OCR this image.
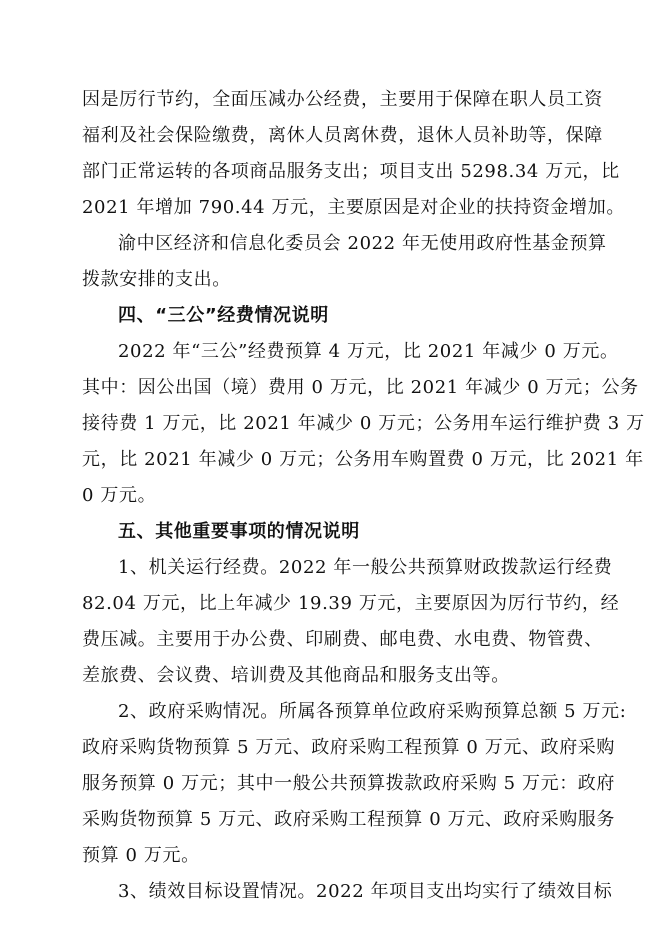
因是厉行节约，全面压减办公经费，主要用于保障在职人员工资
福利及社会保险缴费，离休人员离休费，退休人员补助等，保障
部门正常运转的各项商品服务支出；项目支出 5298.34 万元，比
2021 年增加 790.44 万元，主要原因是对企业的扶持资金增加。
渝中区经济和信息化委员会 2022 年无使用政府性基金预算
拨款安排的支出。
四、“三公”经费情况说明
2022 年“三公”经费预算 4 万元，比 2021 年减少 0 万元。
其中：因公出国（境）费用 0 万元，比 2021 年减少 0 万元；公务
接待费 1 万元，比 2021 年减少 0 万元；公务用车运行维护费 3 万
元，比 2021 年减少 0 万元；公务用车购置费 0 万元，比 2021 年
0 万元。
五、其他重要事项的情况说明
1、机关运行经费。2022 年一般公共预算财政拨款运行经费
82.04 万元，比上年减少 19.39 万元，主要原因为厉行节约，经
费压减。主要用于办公费、印刷费、邮电费、水电费、物管费、
差旅费、会议费、培训费及其他商品和服务支出等。
2、政府采购情况。所属各预算单位政府采购预算总额 5 万元:
政府采购货物预算 5 万元、政府采购工程预算 0 万元、政府采购
服务预算 0 万元；其中一般公共预算拨款政府采购 5 万元：政府
采购货物预算 5 万元、政府采购工程预算 0 万元、政府采购服务
预算 0 万元。
3、绩效目标设置情况。2022 年项目支出均实行了绩效目标
